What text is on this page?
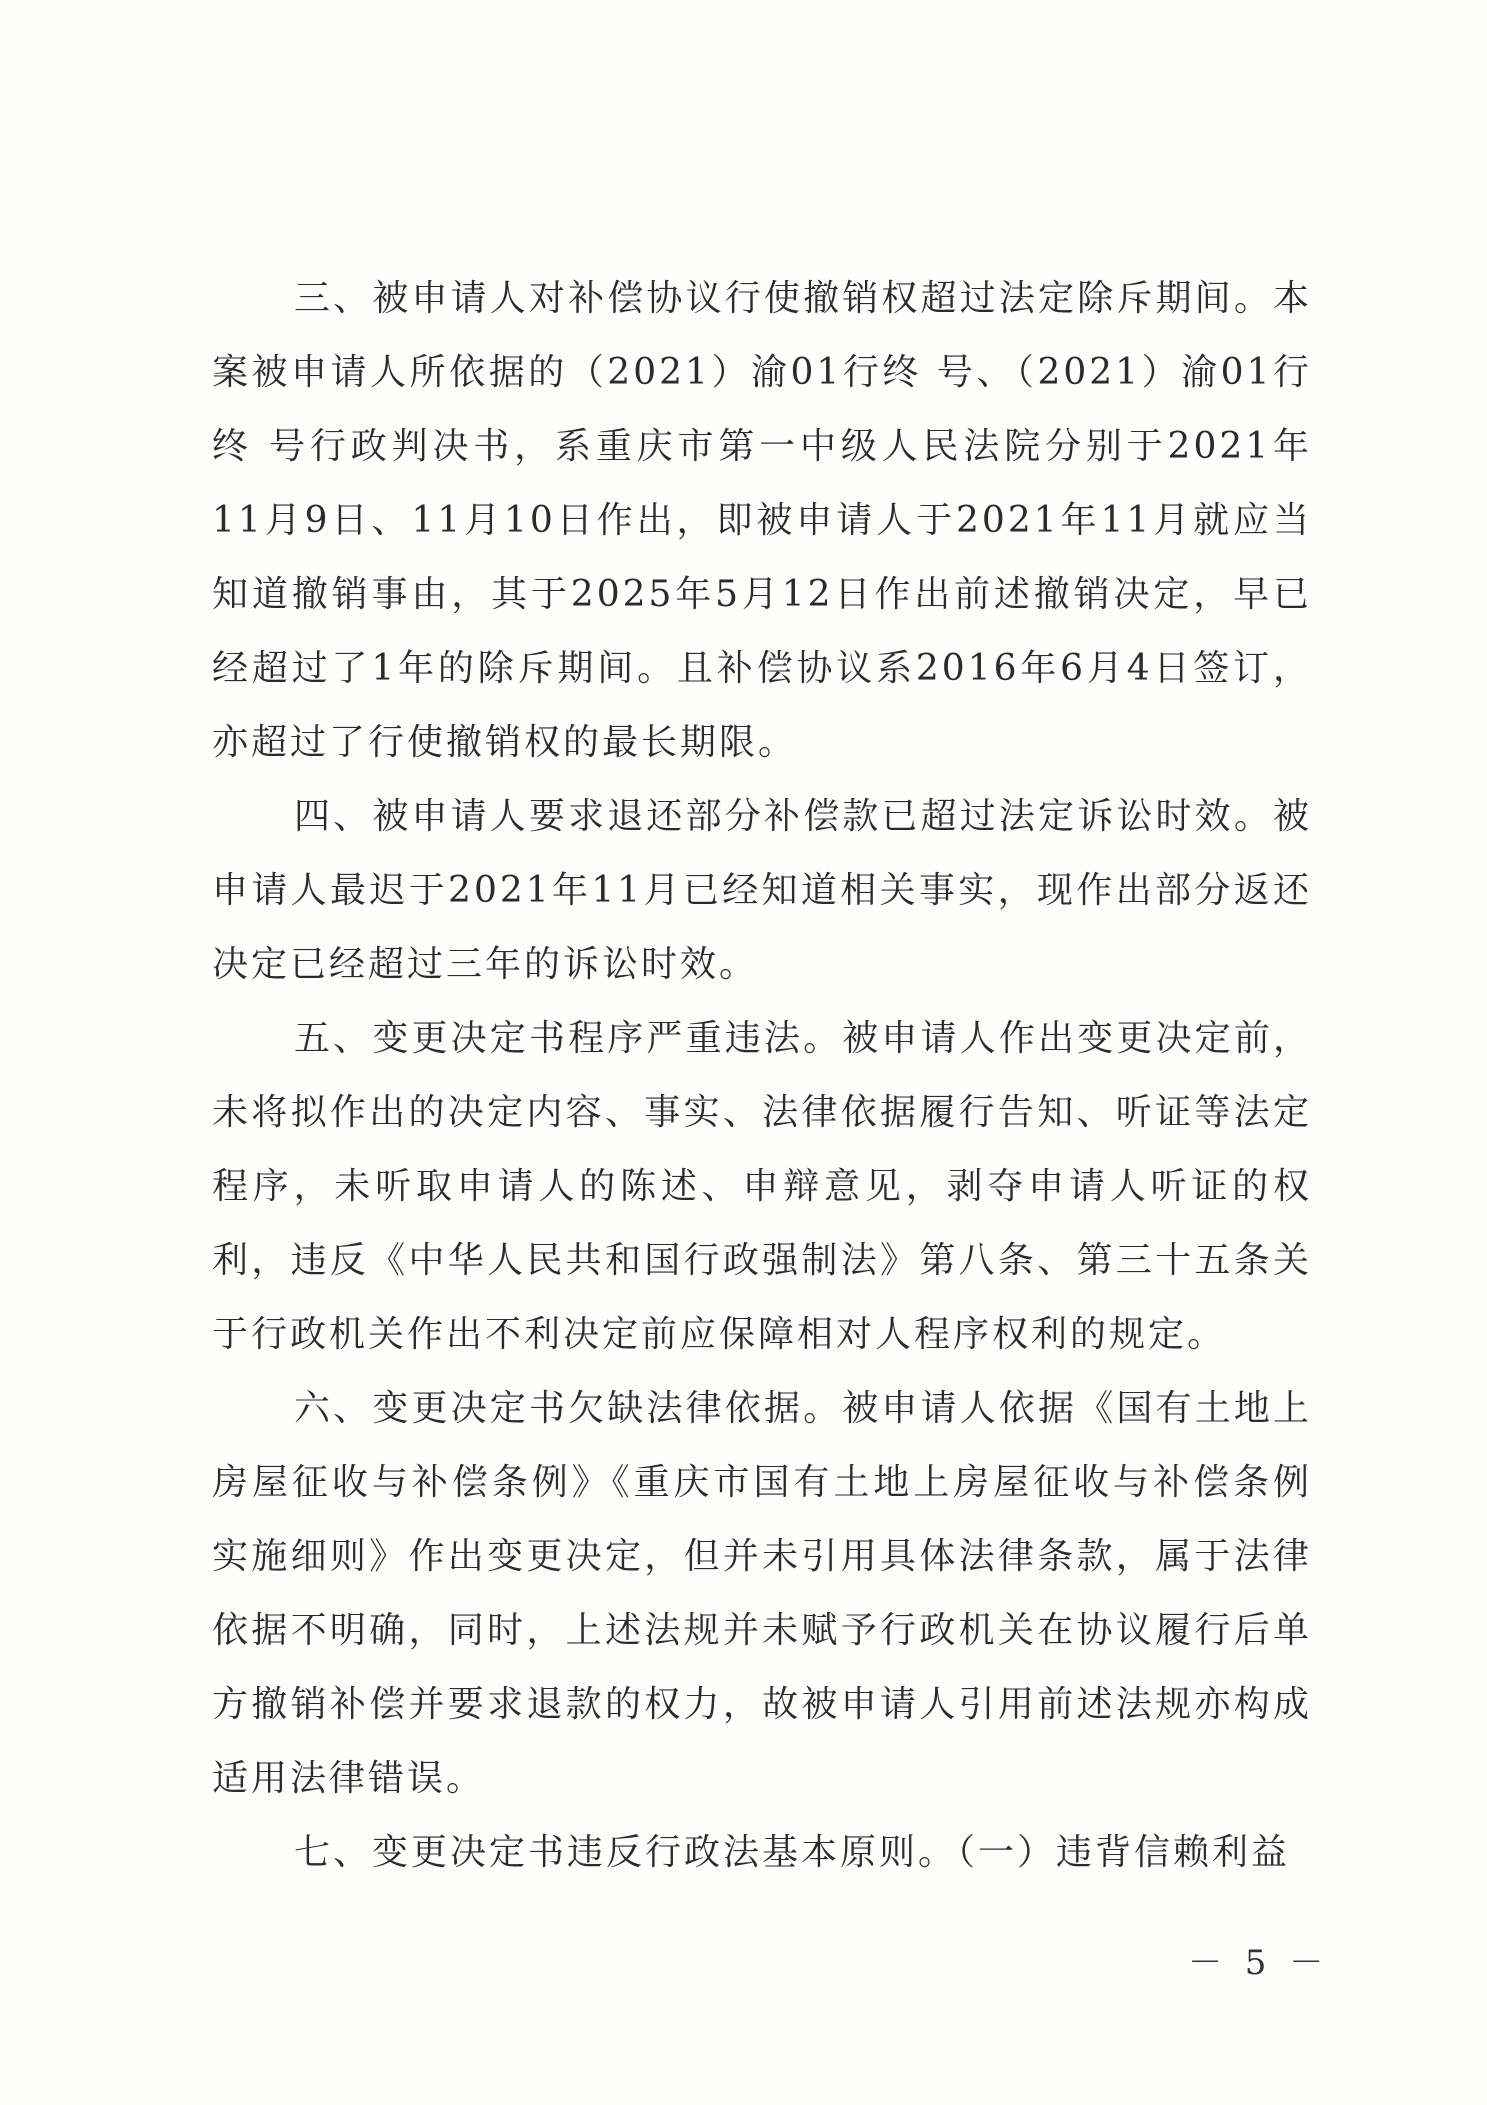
三、被申请人对补偿协议行使撤销权超过法定除斥期间。本案被申请人所依据的（2021）渝01行终 号、（2021）渝01行终 号行政判决书，系重庆市第一中级人民法院分别于2021年11月9日、11月10日作出，即被申请人于2021年11月就应当知道撤销事由，其于2025年5月12日作出前述撤销决定，早已经超过了1年的除斥期间。且补偿协议系2016年6月4日签订，亦超过了行使撤销权的最长期限。

四、被申请人要求退还部分补偿款已超过法定诉讼时效。被申请人最迟于2021年11月已经知道相关事实，现作出部分返还决定已经超过三年的诉讼时效。

五、变更决定书程序严重违法。被申请人作出变更决定前，未将拟作出的决定内容、事实、法律依据履行告知、听证等法定程序，未听取申请人的陈述、申辩意见，剥夺申请人听证的权利，违反《中华人民共和国行政强制法》第八条、第三十五条关于行政机关作出不利决定前应保障相对人程序权利的规定。

六、变更决定书欠缺法律依据。被申请人依据《国有土地上房屋征收与补偿条例》《重庆市国有土地上房屋征收与补偿条例实施细则》作出变更决定，但并未引用具体法律条款，属于法律依据不明确，同时，上述法规并未赋予行政机关在协议履行后单方撤销补偿并要求退款的权力，故被申请人引用前述法规亦构成适用法律错误。

七、变更决定书违反行政法基本原则。（一）违背信赖利益

－ 5 －
